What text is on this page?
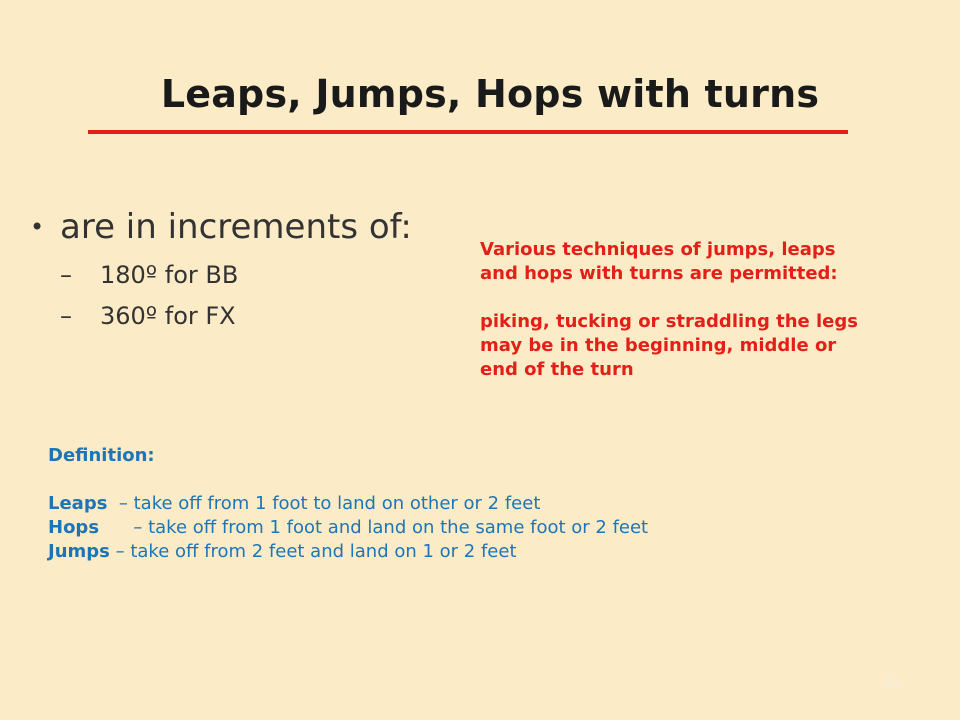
Leaps, Jumps, Hops with turns
• are in increments of:
– 180º for BB
– 360º for FX

Various techniques of jumps, leaps
and hops with turns are permitted:

piking, tucking or straddling the legs
may be in the beginning, middle or
end of the turn

Definition:
Leaps  – take off from 1 foot to land on other or 2 feet
Hops      – take off from 1 foot and land on the same foot or 2 feet
Jumps – take off from 2 feet and land on 1 or 2 feet
92
